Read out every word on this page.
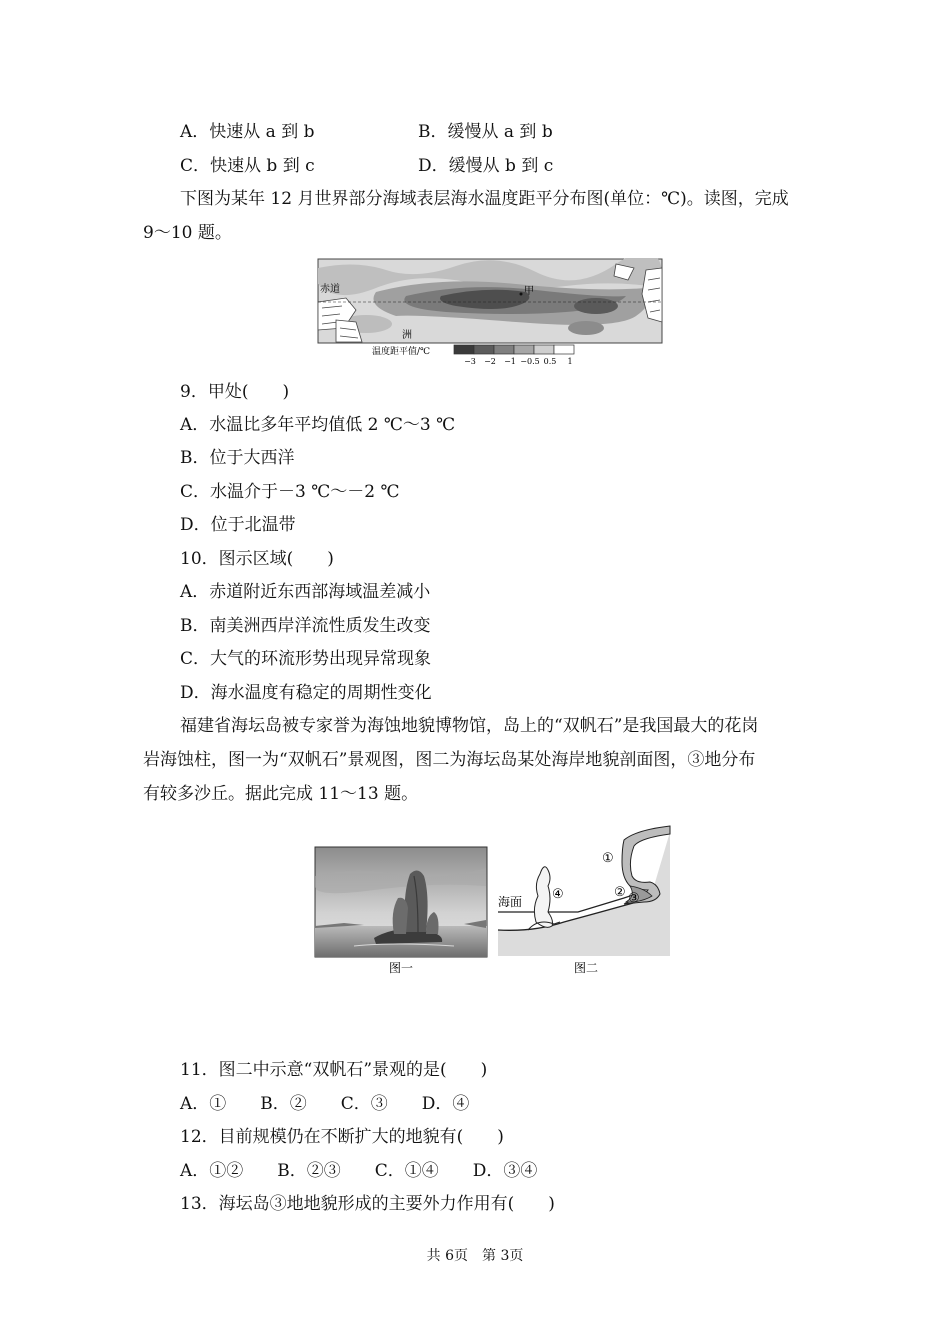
A．快速从 a 到 b	B．缓慢从 a 到 b
C．快速从 b 到 c	D．缓慢从 b 到 c
下图为某年 12 月世界部分海域表层海水温度距平分布图(单位：℃)。读图，完成
9～10 题。
赤道	甲
洲
温度距平值/℃
−3 −2 −1 −0.5 0.5 1
9．甲处(　　)
A．水温比多年平均值低 2 ℃～3 ℃
B．位于大西洋
C．水温介于－3 ℃～－2 ℃
D．位于北温带
10．图示区域(　　)
A．赤道附近东西部海域温差减小
B．南美洲西岸洋流性质发生改变
C．大气的环流形势出现异常现象
D．海水温度有稳定的周期性变化
福建省海坛岛被专家誉为海蚀地貌博物馆，岛上的“双帆石”是我国最大的花岗
岩海蚀柱，图一为“双帆石”景观图，图二为海坛岛某处海岸地貌剖面图，③地分布
有较多沙丘。据此完成 11～13 题。
图一
海面
①
② ③
④
图二
11．图二中示意“双帆石”景观的是(　　)
A．①　　B．②　　C．③　　D．④
12．目前规模仍在不断扩大的地貌有(　　)
A．①②　　B．②③　　C．①④　　D．③④
13．海坛岛③地地貌形成的主要外力作用有(　　)
共 6页　第 3页
